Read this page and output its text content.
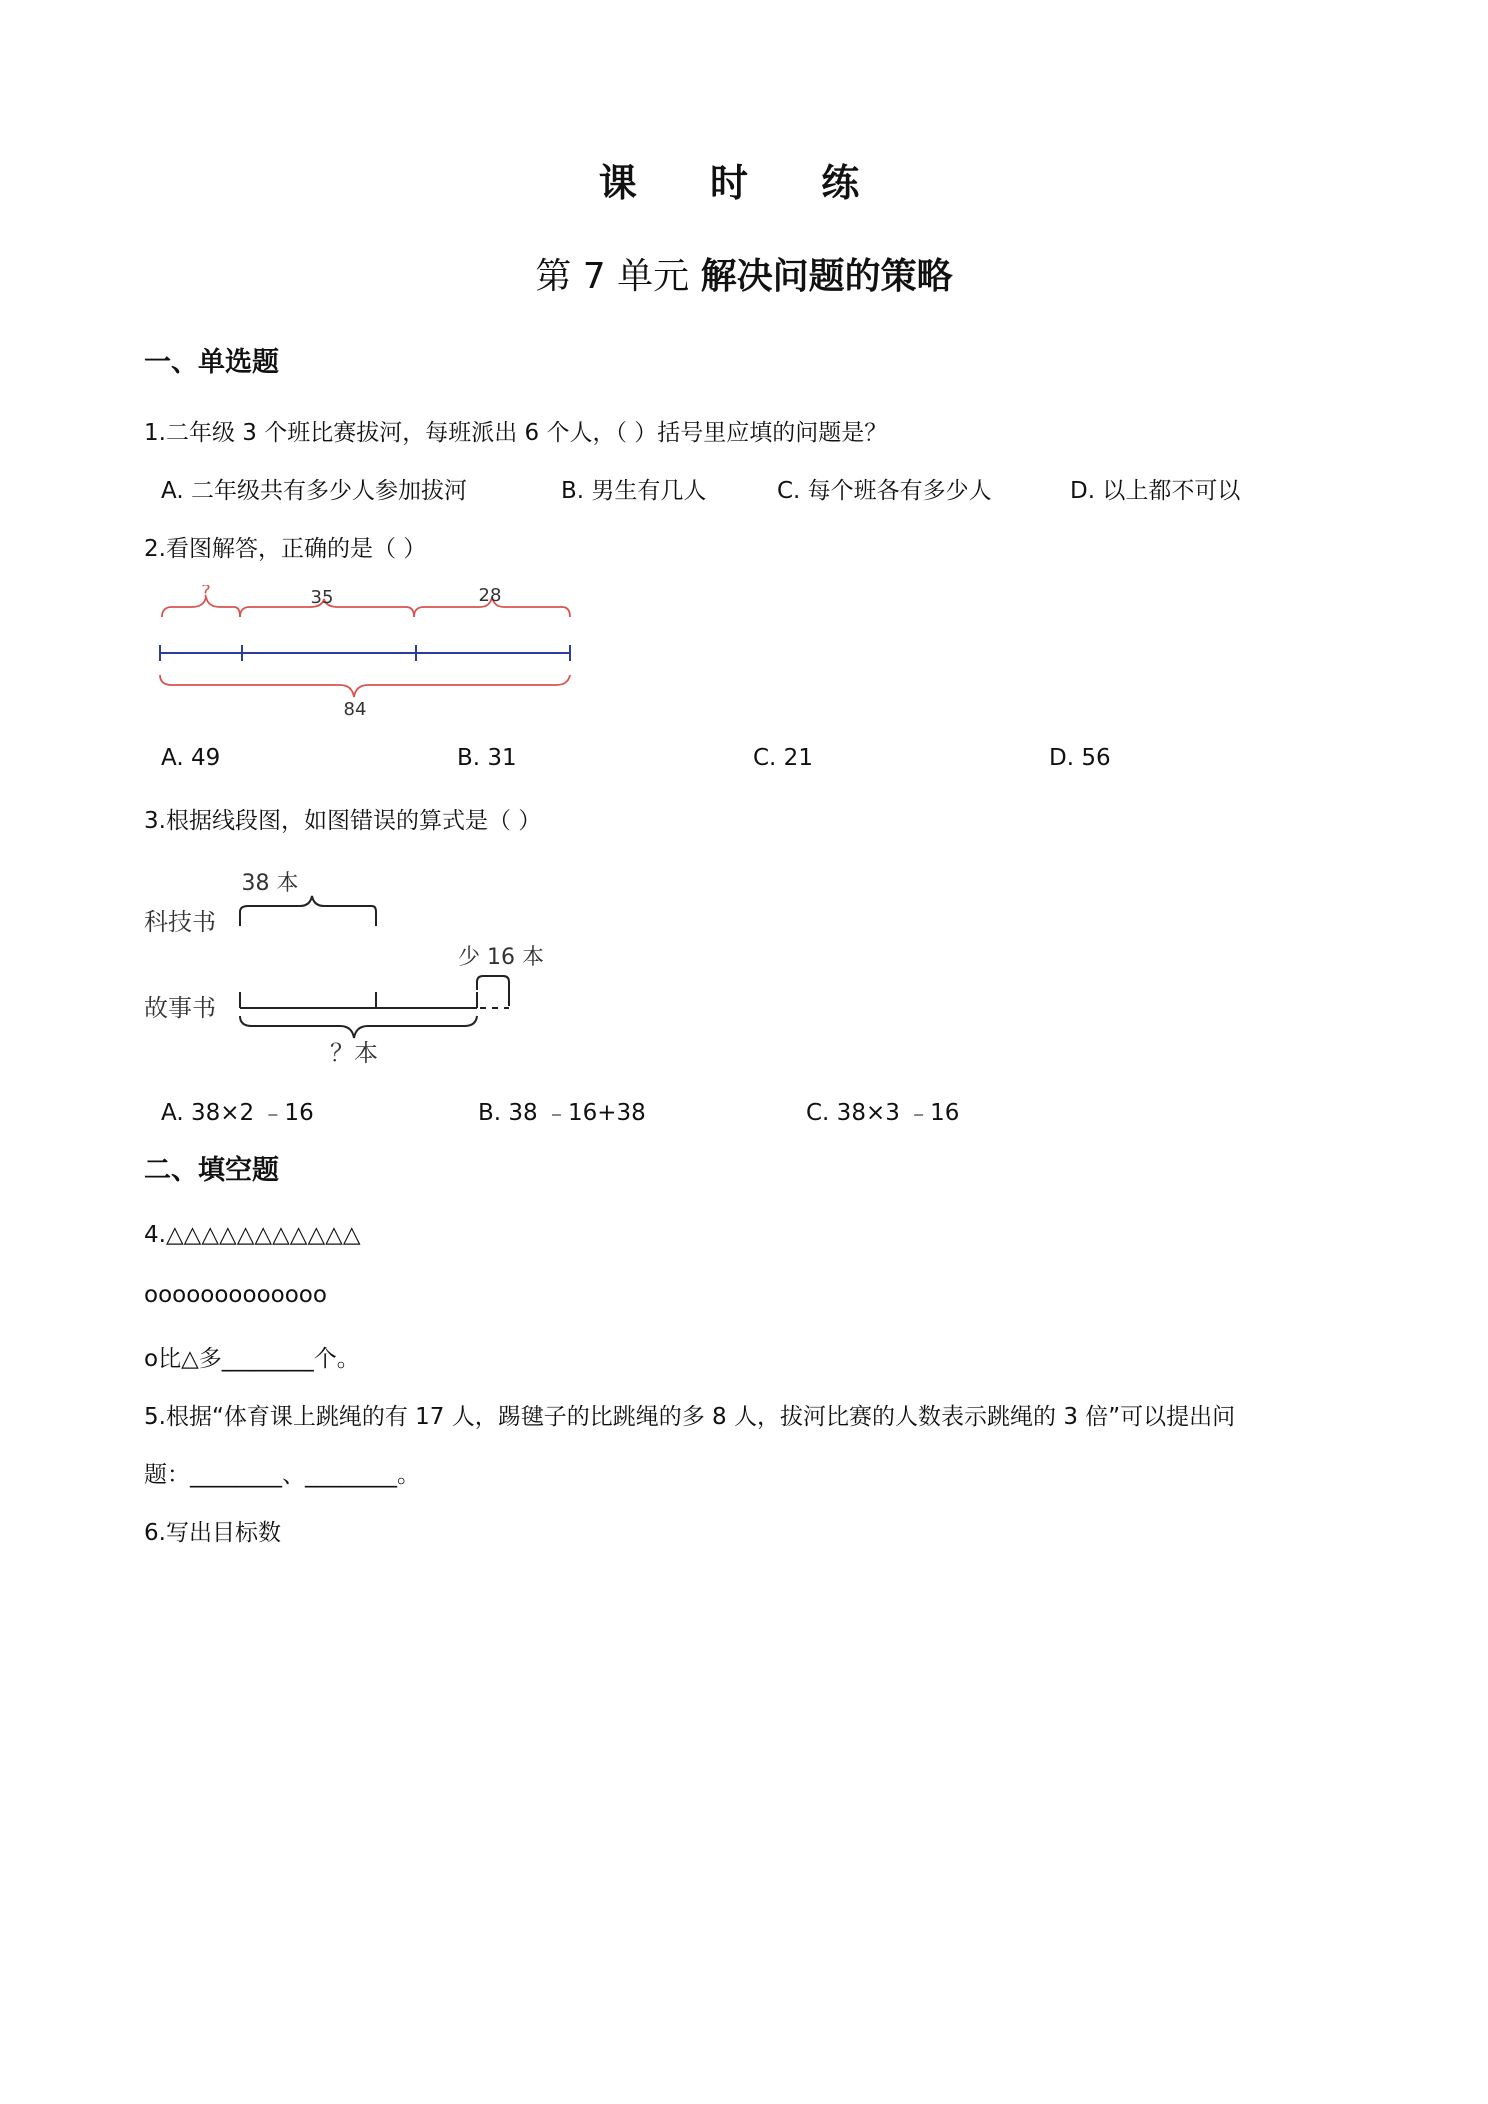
课 时 练
第 7 单元 解决问题的策略
一、单选题
1.二年级 3 个班比赛拔河，每班派出 6 个人，（ ）括号里应填的问题是？
A. 二年级共有多少人参加拔河	B. 男生有几人	C. 每个班各有多少人	D. 以上都不可以
2.看图解答，正确的是（ ）
?	35	28
84
A. 49	B. 31	C. 21	D. 56
3.根据线段图，如图错误的算式是（ ）
38 本
科技书
少 16 本
故事书
？本
A. 38×2 ﹣16	B. 38 ﹣16+38	C. 38×3 ﹣16
二、填空题
4.△△△△△△△△△△△
ooooooooooooo
o比△多________个。
5.根据“体育课上跳绳的有 17 人，踢毽子的比跳绳的多 8 人，拔河比赛的人数表示跳绳的 3 倍”可以提出问
题：________、________。
6.写出目标数
